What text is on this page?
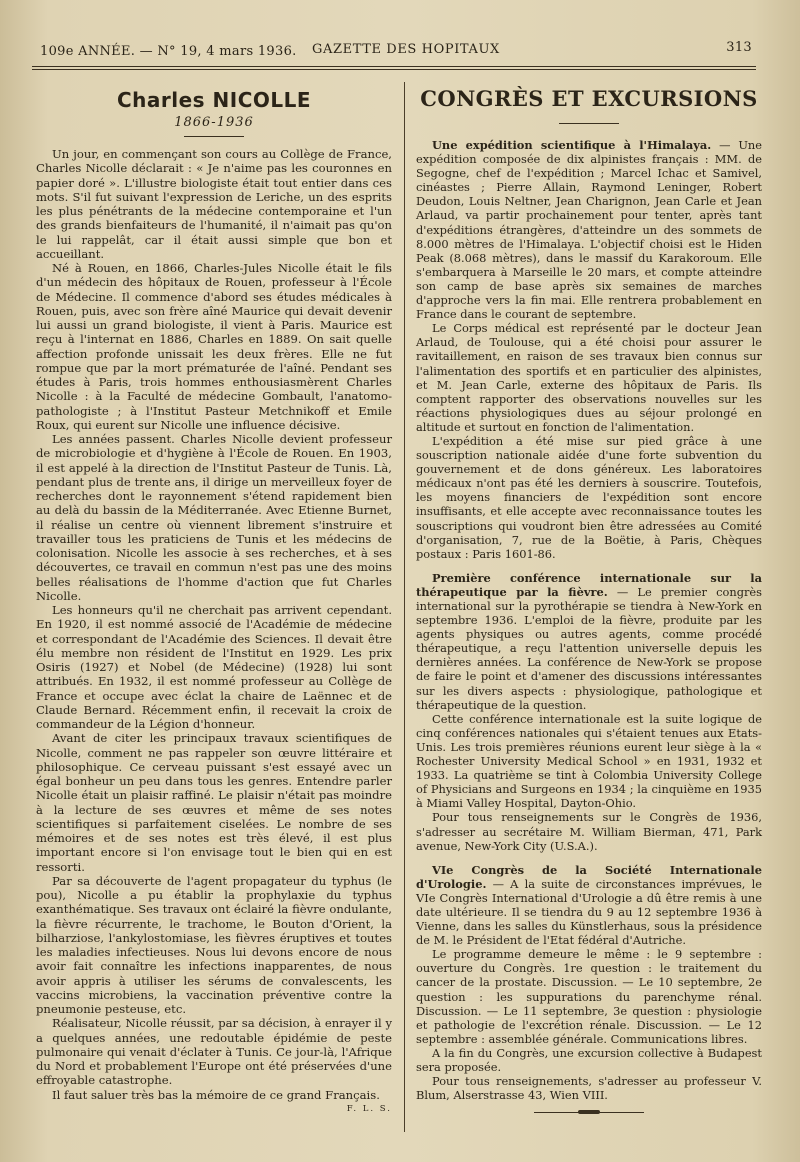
109e ANNÉE. — N° 19, 4 mars 1936. GAZETTE DES HOPITAUX	313
Charles NICOLLE
1866-1936

Un jour, en commençant son cours au Collège de France, Charles Nicolle déclarait : « Je n'aime pas les couronnes en papier doré ». L'illustre biologiste était tout entier dans ces mots. S'il fut suivant l'expression de Leriche, un des esprits les plus pénétrants de la médecine contemporaine et l'un des grands bienfaiteurs de l'humanité, il n'aimait pas qu'on le lui rappelât, car il était aussi simple que bon et accueillant.

Né à Rouen, en 1866, Charles-Jules Nicolle était le fils d'un médecin des hôpitaux de Rouen, professeur à l'École de Médecine. Il commence d'abord ses études médicales à Rouen, puis, avec son frère aîné Maurice qui devait devenir lui aussi un grand biologiste, il vient à Paris. Maurice est reçu à l'internat en 1886, Charles en 1889. On sait quelle affection profonde unissait les deux frères. Elle ne fut rompue que par la mort prématurée de l'aîné. Pendant ses études à Paris, trois hommes enthousiasmèrent Charles Nicolle : à la Faculté de médecine Gombault, l'anatomo-pathologiste ; à l'Institut Pasteur Metchnikoff et Emile Roux, qui eurent sur Nicolle une influence décisive.

Les années passent. Charles Nicolle devient professeur de microbiologie et d'hygiène à l'École de Rouen. En 1903, il est appelé à la direction de l'Institut Pasteur de Tunis. Là, pendant plus de trente ans, il dirige un merveilleux foyer de recherches dont le rayonnement s'étend rapidement bien au delà du bassin de la Méditerranée. Avec Etienne Burnet, il réalise un centre où viennent librement s'instruire et travailler tous les praticiens de Tunis et les médecins de colonisation. Nicolle les associe à ses recherches, et à ses découvertes, ce travail en commun n'est pas une des moins belles réalisations de l'homme d'action que fut Charles Nicolle.

Les honneurs qu'il ne cherchait pas arrivent cependant. En 1920, il est nommé associé de l'Académie de médecine et correspondant de l'Académie des Sciences. Il devait être élu membre non résident de l'Institut en 1929. Les prix Osiris (1927) et Nobel (de Médecine) (1928) lui sont attribués. En 1932, il est nommé professeur au Collège de France et occupe avec éclat la chaire de Laënnec et de Claude Bernard. Récemment enfin, il recevait la croix de commandeur de la Légion d'honneur.

Avant de citer les principaux travaux scientifiques de Nicolle, comment ne pas rappeler son œuvre littéraire et philosophique. Ce cerveau puissant s'est essayé avec un égal bonheur un peu dans tous les genres. Entendre parler Nicolle était un plaisir raffiné. Le plaisir n'était pas moindre à la lecture de ses œuvres et même de ses notes scientifiques si parfaitement ciselées. Le nombre de ses mémoires et de ses notes est très élevé, il est plus important encore si l'on envisage tout le bien qui en est ressorti.

Par sa découverte de l'agent propagateur du typhus (le pou), Nicolle a pu établir la prophylaxie du typhus exanthématique. Ses travaux ont éclairé la fièvre ondulante, la fièvre récurrente, le trachome, le Bouton d'Orient, la bilharziose, l'ankylostomiase, les fièvres éruptives et toutes les maladies infectieuses. Nous lui devons encore de nous avoir fait connaître les infections inapparentes, de nous avoir appris à utiliser les sérums de convalescents, les vaccins microbiens, la vaccination préventive contre la pneumonie pesteuse, etc.

Réalisateur, Nicolle réussit, par sa décision, à enrayer il y a quelques années, une redoutable épidémie de peste pulmonaire qui venait d'éclater à Tunis. Ce jour-là, l'Afrique du Nord et probablement l'Europe ont été préservées d'une effroyable catastrophe.

Il faut saluer très bas la mémoire de ce grand Français.

F. L. S.
CONGRÈS ET EXCURSIONS

Une expédition scientifique à l'Himalaya. — Une expédition composée de dix alpinistes français : MM. de Segogne, chef de l'expédition ; Marcel Ichac et Samivel, cinéastes ; Pierre Allain, Raymond Leninger, Robert Deudon, Louis Neltner, Jean Charignon, Jean Carle et Jean Arlaud, va partir prochainement pour tenter, après tant d'expéditions étrangères, d'atteindre un des sommets de 8.000 mètres de l'Himalaya. L'objectif choisi est le Hiden Peak (8.068 mètres), dans le massif du Karakoroum. Elle s'embarquera à Marseille le 20 mars, et compte atteindre son camp de base après six semaines de marches d'approche vers la fin mai. Elle rentrera probablement en France dans le courant de septembre.

Le Corps médical est représenté par le docteur Jean Arlaud, de Toulouse, qui a été choisi pour assurer le ravitaillement, en raison de ses travaux bien connus sur l'alimentation des sportifs et en particulier des alpinistes, et M. Jean Carle, externe des hôpitaux de Paris. Ils comptent rapporter des observations nouvelles sur les réactions physiologiques dues au séjour prolongé en altitude et surtout en fonction de l'alimentation.

L'expédition a été mise sur pied grâce à une souscription nationale aidée d'une forte subvention du gouvernement et de dons généreux. Les laboratoires médicaux n'ont pas été les derniers à souscrire. Toutefois, les moyens financiers de l'expédition sont encore insuffisants, et elle accepte avec reconnaissance toutes les souscriptions qui voudront bien être adressées au Comité d'organisation, 7, rue de la Boëtie, à Paris, Chèques postaux : Paris 1601-86.

Première conférence internationale sur la thérapeutique par la fièvre. — Le premier congrès international sur la pyrothérapie se tiendra à New-York en septembre 1936. L'emploi de la fièvre, produite par les agents physiques ou autres agents, comme procédé thérapeutique, a reçu l'attention universelle depuis les dernières années. La conférence de New-York se propose de faire le point et d'amener des discussions intéressantes sur les divers aspects : physiologique, pathologique et thérapeutique de la question.

Cette conférence internationale est la suite logique de cinq conférences nationales qui s'étaient tenues aux Etats-Unis. Les trois premières réunions eurent leur siège à la « Rochester University Medical School » en 1931, 1932 et 1933. La quatrième se tint à Colombia University College of Physicians and Surgeons en 1934 ; la cinquième en 1935 à Miami Valley Hospital, Dayton-Ohio.

Pour tous renseignements sur le Congrès de 1936, s'adresser au secrétaire M. William Bierman, 471, Park avenue, New-York City (U.S.A.).

VIe Congrès de la Société Internationale d'Urologie. — A la suite de circonstances imprévues, le VIe Congrès International d'Urologie a dû être remis à une date ultérieure. Il se tiendra du 9 au 12 septembre 1936 à Vienne, dans les salles du Künstlerhaus, sous la présidence de M. le Président de l'Etat fédéral d'Autriche.

Le programme demeure le même : le 9 septembre : ouverture du Congrès. 1re question : le traitement du cancer de la prostate. Discussion. — Le 10 septembre, 2e question : les suppurations du parenchyme rénal. Discussion. — Le 11 septembre, 3e question : physiologie et pathologie de l'excrétion rénale. Discussion. — Le 12 septembre : assemblée générale. Communications libres.

A la fin du Congrès, une excursion collective à Budapest sera proposée.

Pour tous renseignements, s'adresser au professeur V. Blum, Alserstrasse 43, Wien VIII.
